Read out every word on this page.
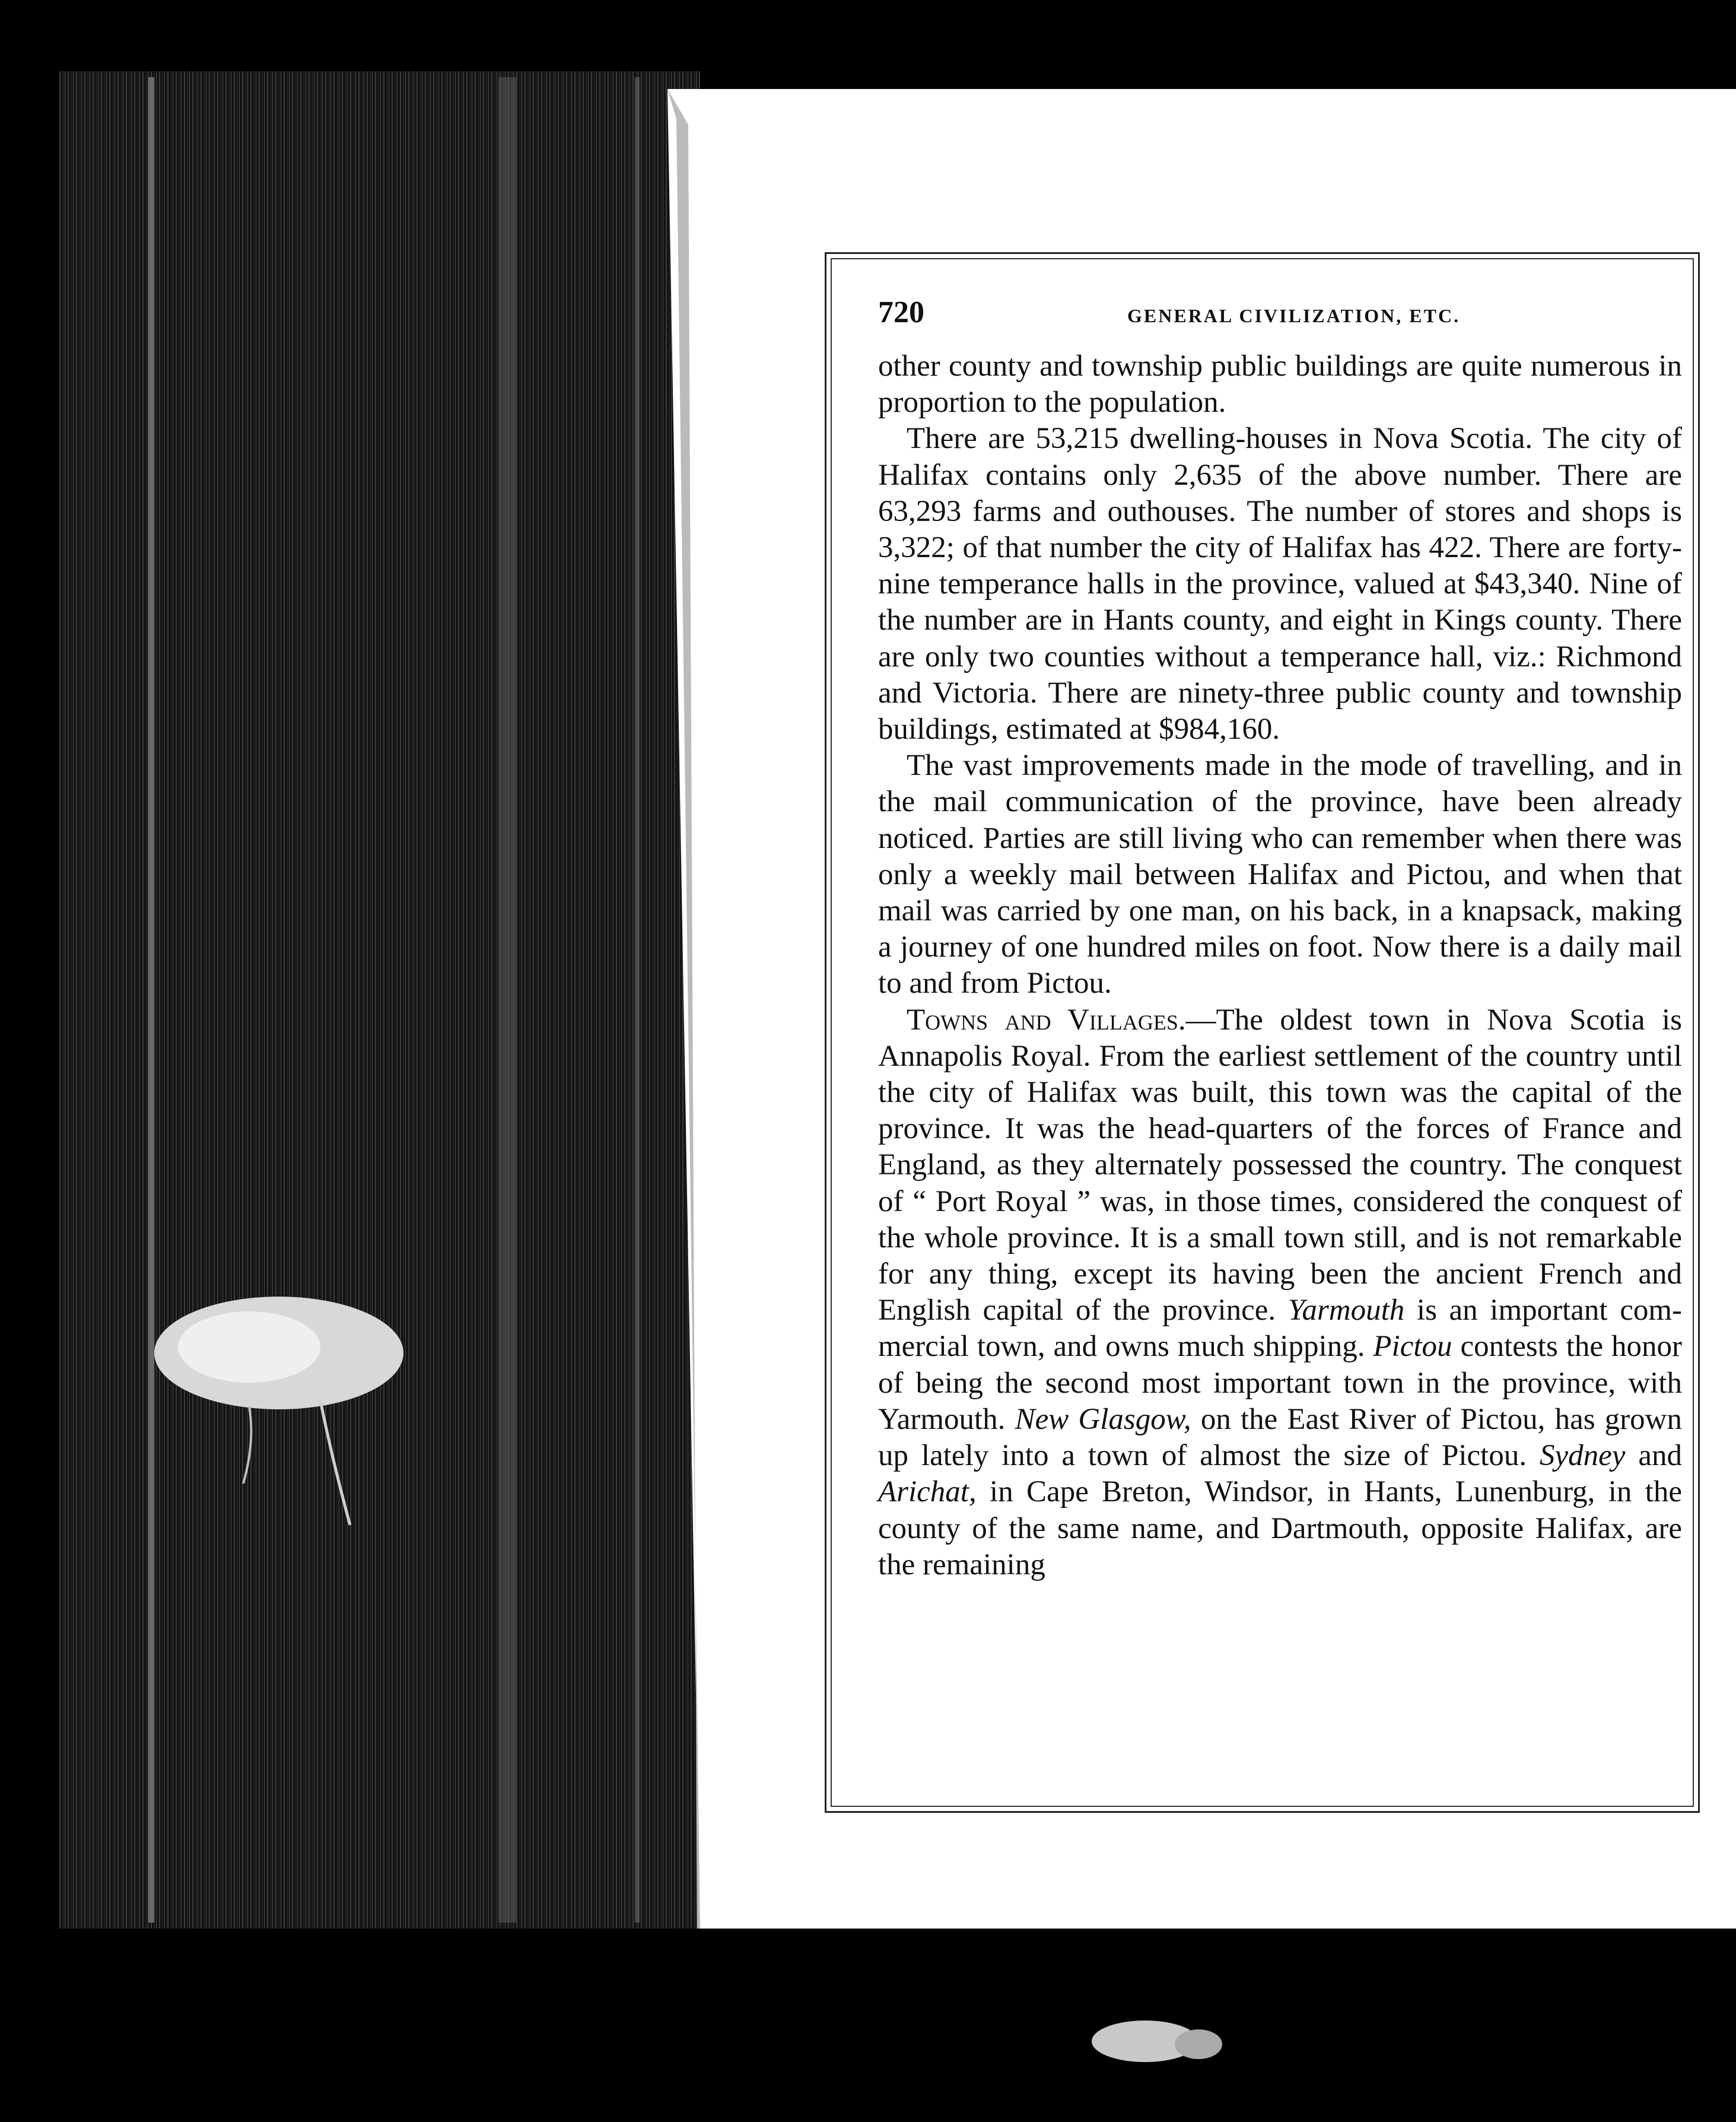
720	GENERAL CIVILIZATION, ETC.

other county and township public buildings are quite numerous in proportion to the population.

There are 53,215 dwelling-houses in Nova Scotia. The city of Halifax contains only 2,635 of the above number. There are 63,293 farms and outhouses. The number of stores and shops is 3,322; of that number the city of Halifax has 422. There are forty-nine temperance halls in the province, valued at $43,340. Nine of the number are in Hants county, and eight in Kings county. There are only two counties without a temperance hall, viz.: Richmond and Victoria. There are ninety-three public county and township buildings, estimated at $984,160.

The vast improvements made in the mode of travelling, and in the mail communication of the province, have been already noticed. Parties are still living who can remember when there was only a weekly mail between Halifax and Pictou, and when that mail was carried by one man, on his back, in a knapsack, making a journey of one hundred miles on foot. Now there is a daily mail to and from Pictou.

Towns and Villages.—The oldest town in Nova Scotia is Annapolis Royal. From the earliest settlement of the country until the city of Halifax was built, this town was the capital of the province. It was the head-quarters of the forces of France and England, as they alternately possessed the country. The conquest of “ Port Royal ” was, in those times, considered the conquest of the whole province. It is a small town still, and is not remarkable for any thing, except its having been the ancient French and English capital of the province. Yarmouth is an important commercial town, and owns much shipping. Pictou contests the honor of being the second most important town in the province, with Yarmouth. New Glasgow, on the East River of Pictou, has grown up lately into a town of almost the size of Pictou. Sydney and Arichat, in Cape Breton, Windsor, in Hants, Lunenburg, in the county of the same name, and Dartmouth, opposite Halifax, are the remaining
